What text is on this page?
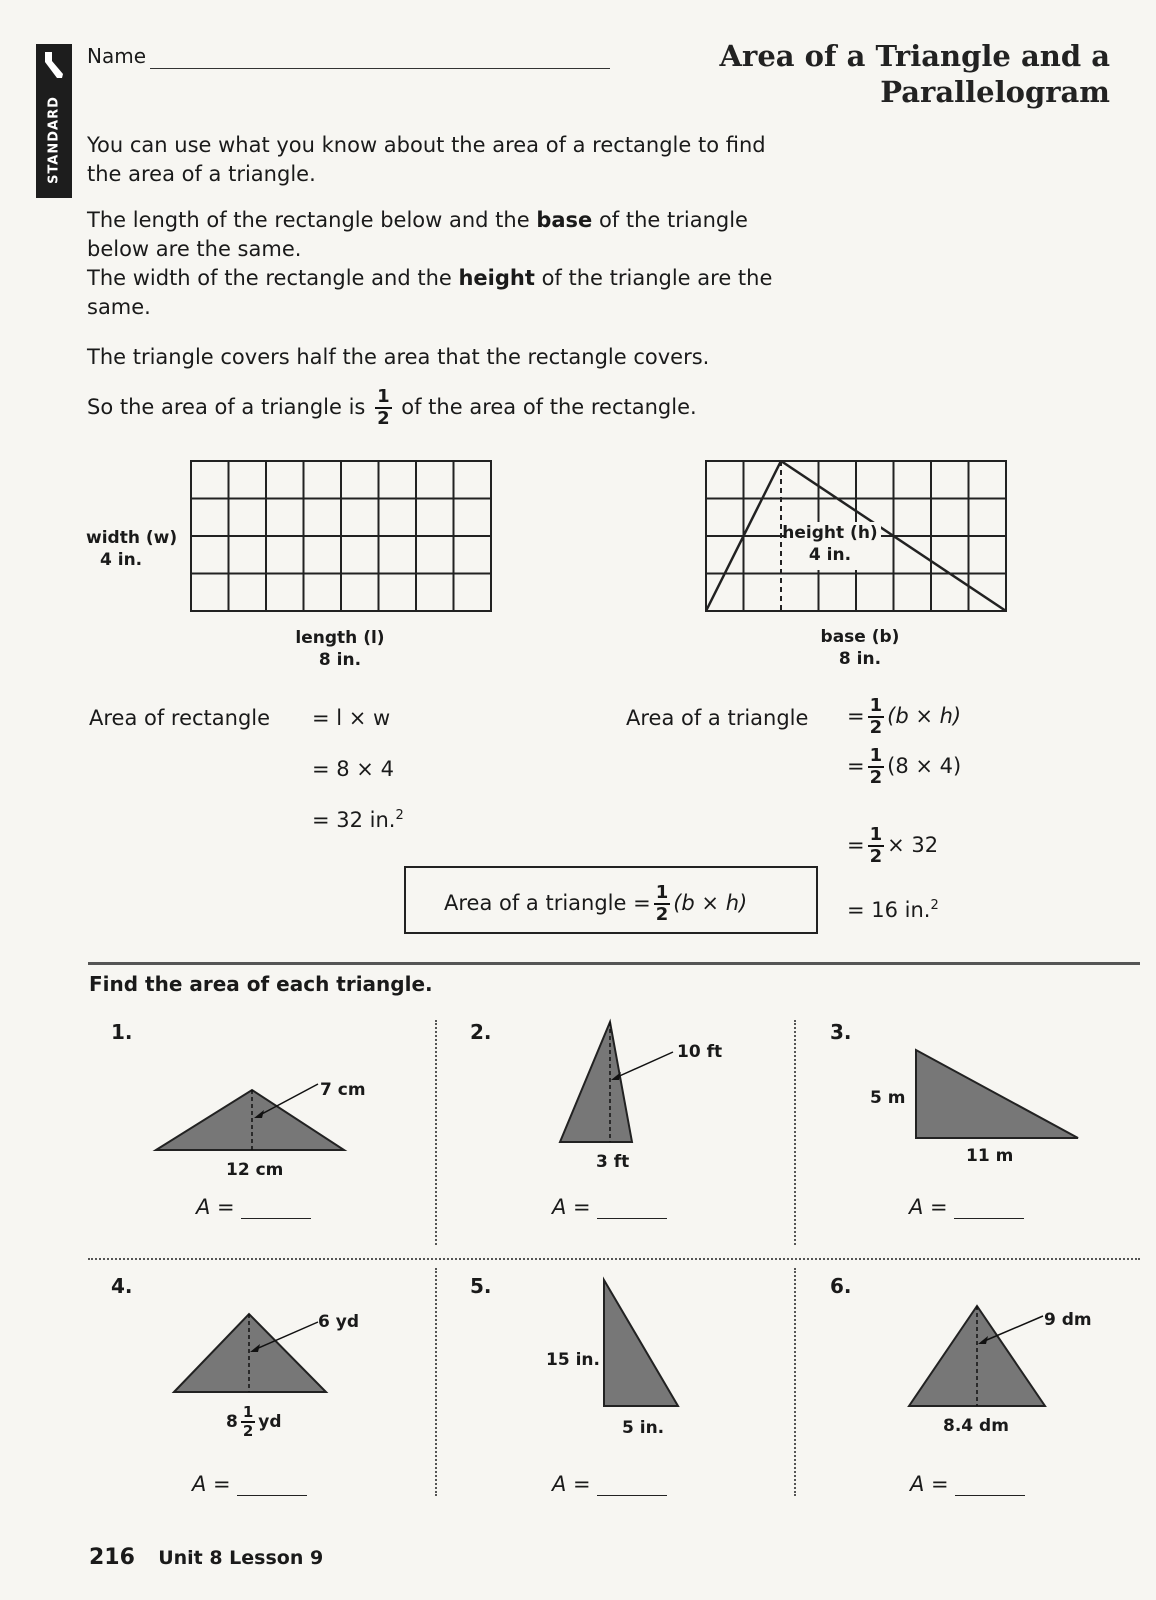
STANDARD
Name	Area of a Triangle and a
Parallelogram
You can use what you know about the area of a rectangle to find the area of a triangle.
The length of the rectangle below and the base of the triangle below are the same.
The width of the rectangle and the height of the triangle are the same.
The triangle covers half the area that the rectangle covers.
So the area of a triangle is $\frac{1}{2}$ of the area of the rectangle.
width (w)
4 in.
length (l)
8 in.
height (h)
4 in.
base (b)
8 in.
Area of rectangle = l × w
= 8 × 4
= 32 in.$^2$
Area of a triangle = $\frac{1}{2} (b \times h)$
= $\frac{1}{2} (8 \times 4)$
= $\frac{1}{2} \times 32$
= 16 in.$^2$
Area of a triangle = $\frac{1}{2} (b \times h)$
Find the area of each triangle.
1.
7 cm
12 cm
A =
2.
10 ft
3 ft
A =
3.
5 m
11 m
A =
4.
6 yd
$8 \frac{1}{2}$ yd
A =
5.
15 in.
5 in.
A =
6.
9 dm
8.4 dm
A =
216 Unit 8 Lesson 9
